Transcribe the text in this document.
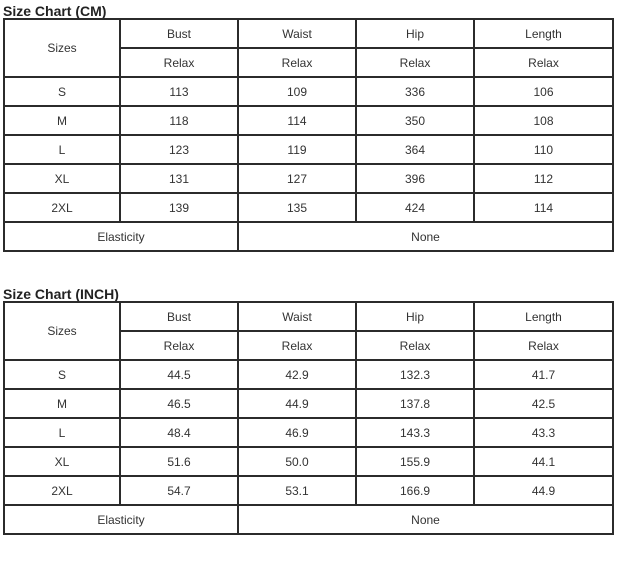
Size Chart (CM)
Sizes	Bust	Waist	Hip	Length
	Relax	Relax	Relax	Relax
S	113	109	336	106
M	118	114	350	108
L	123	119	364	110
XL	131	127	396	112
2XL	139	135	424	114
Elasticity		None		
Size Chart (INCH)
Sizes	Bust	Waist	Hip	Length
	Relax	Relax	Relax	Relax
S	44.5	42.9	132.3	41.7
M	46.5	44.9	137.8	42.5
L	48.4	46.9	143.3	43.3
XL	51.6	50.0	155.9	44.1
2XL	54.7	53.1	166.9	44.9
Elasticity		None		
